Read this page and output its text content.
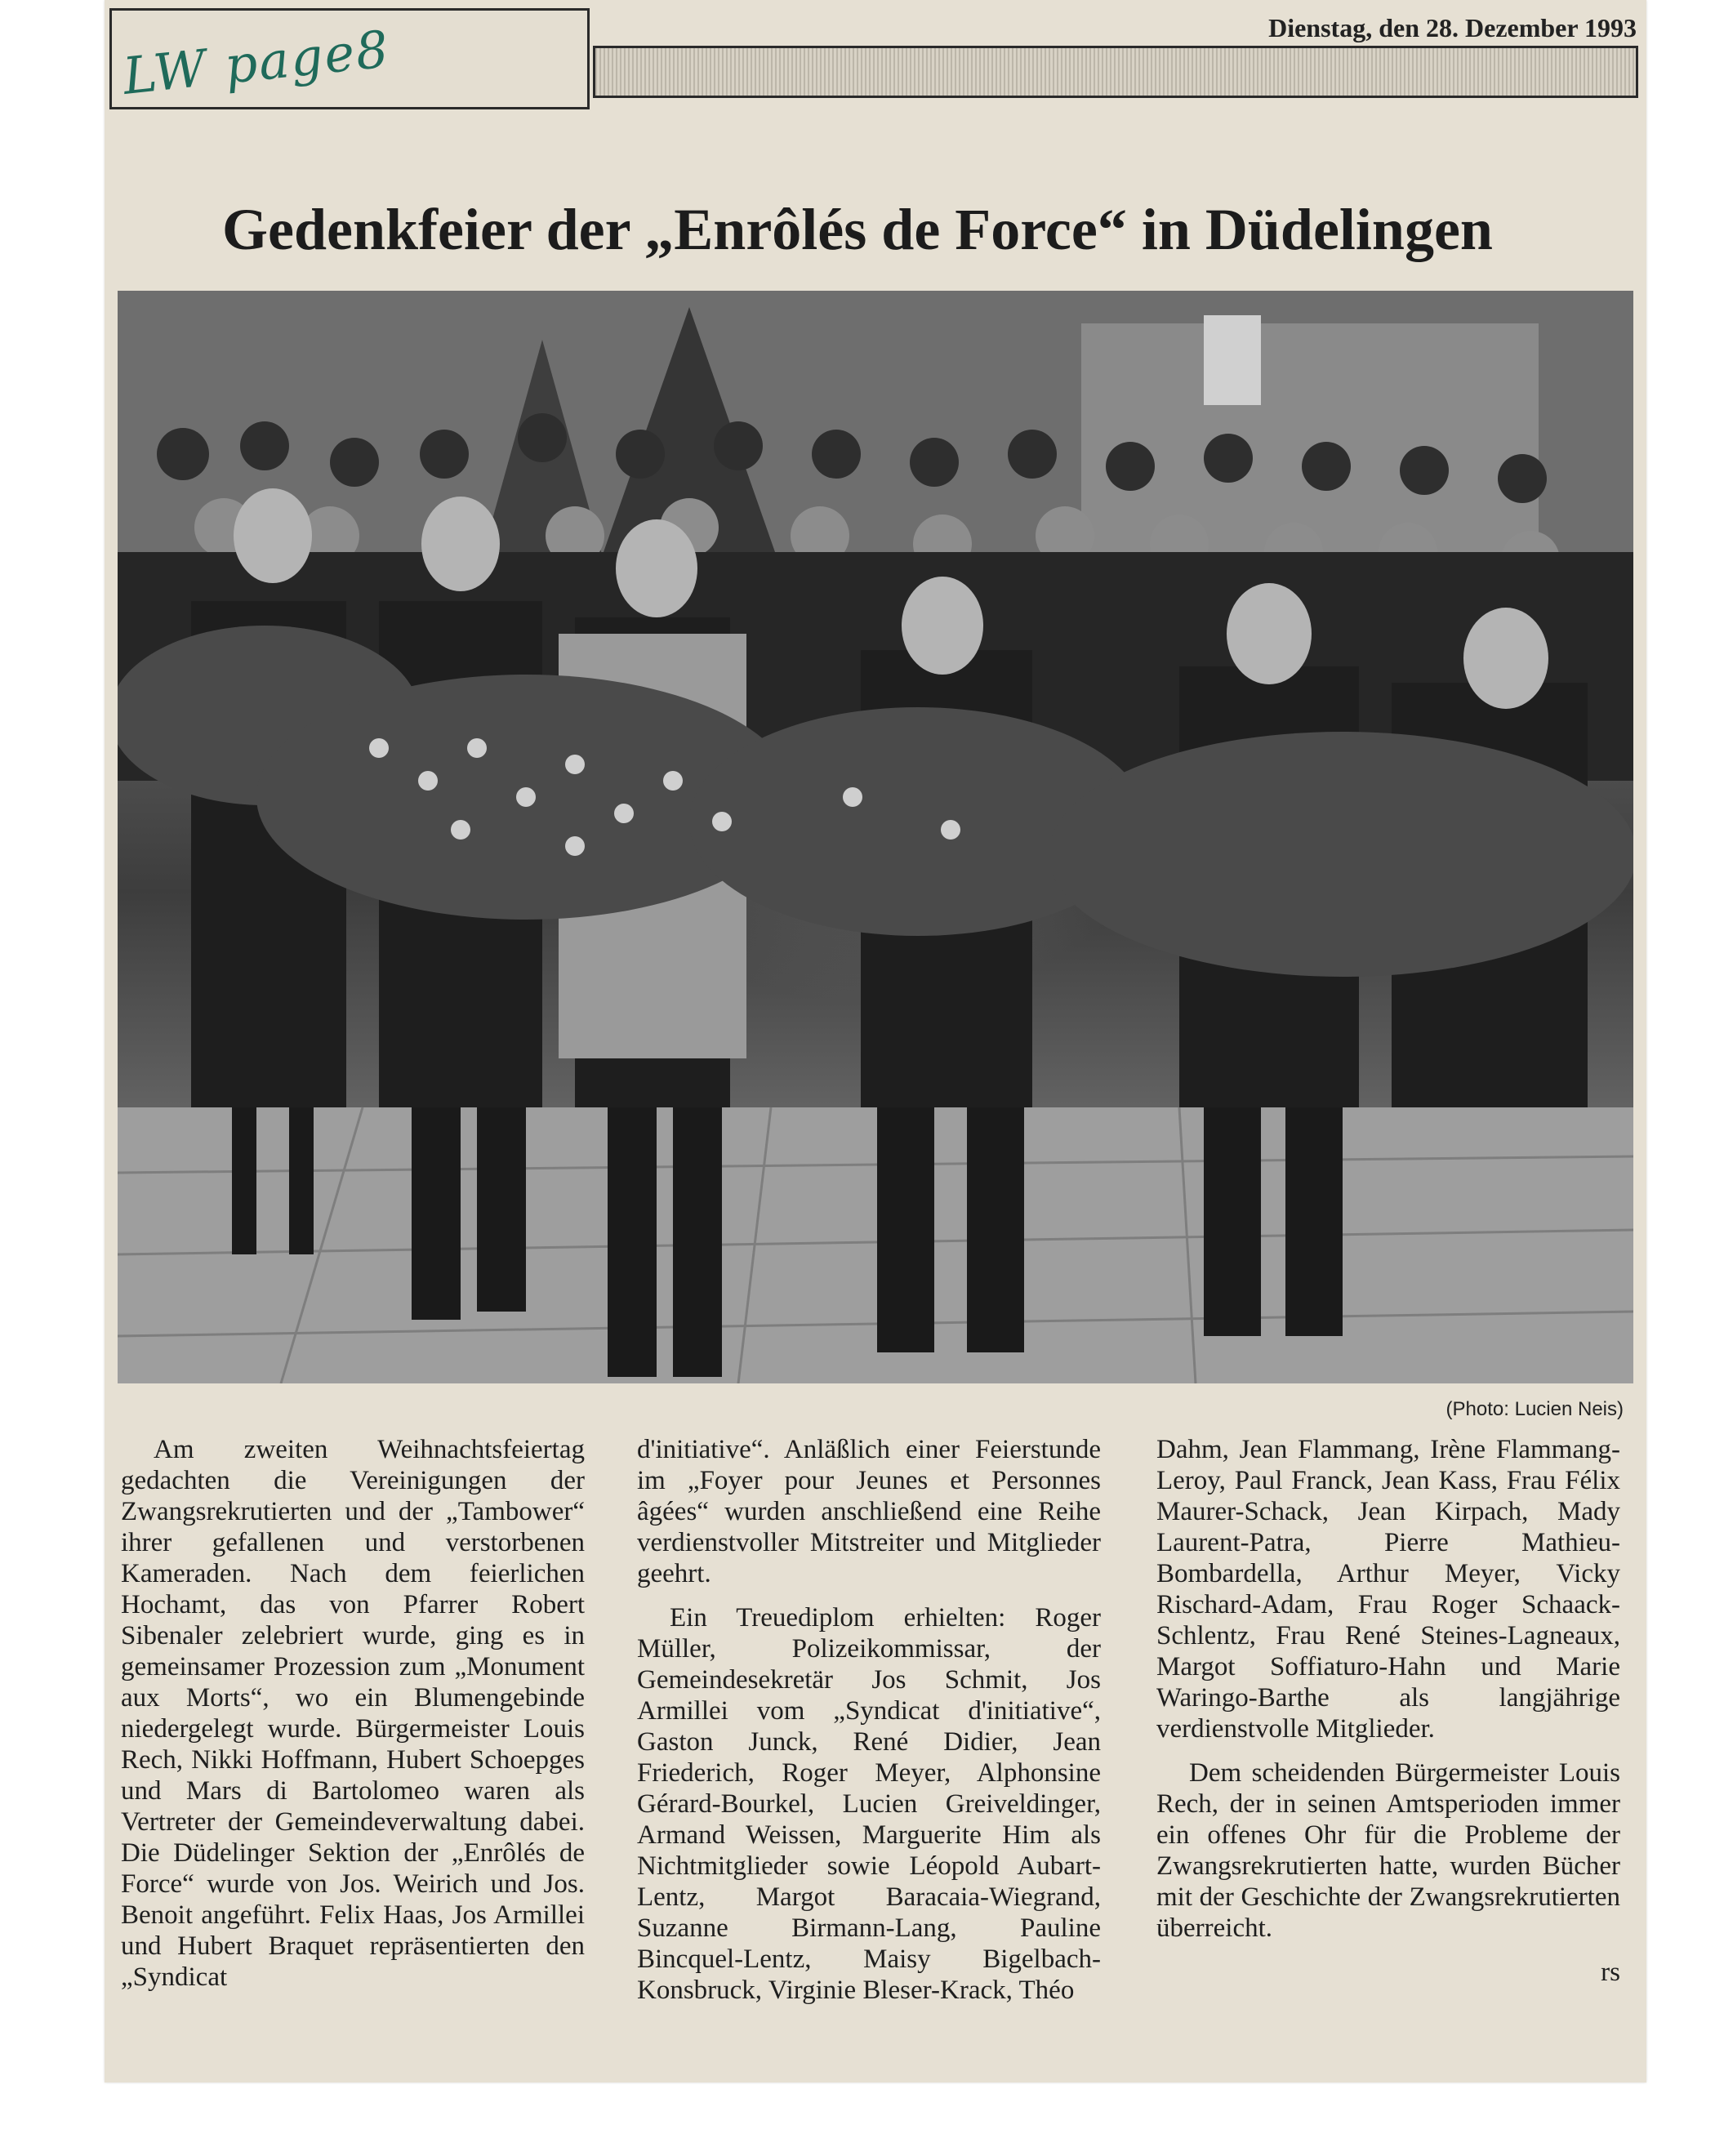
LW page8	Dienstag, den 28. Dezember 1993
Gedenkfeier der „Enrôlés de Force“ in Düdelingen
(Photo: Lucien Neis)

Am zweiten Weihnachtsfeiertag gedachten die Vereinigungen der Zwangsrekrutierten und der „Tambower“ ihrer gefallenen und verstorbenen Kameraden. Nach dem feierlichen Hochamt, das von Pfarrer Robert Sibenaler zelebriert wurde, ging es in gemeinsamer Prozession zum „Monument aux Morts“, wo ein Blumengebinde niedergelegt wurde. Bürgermeister Louis Rech, Nikki Hoffmann, Hubert Schoepges und Mars di Bartolomeo waren als Vertreter der Gemeindeverwaltung dabei. Die Düdelinger Sektion der „Enrôlés de Force“ wurde von Jos. Weirich und Jos. Benoit angeführt. Felix Haas, Jos Armillei und Hubert Braquet repräsentierten den „Syndicat

d'initiative“. Anläßlich einer Feierstunde im „Foyer pour Jeunes et Personnes âgées“ wurden anschließend eine Reihe verdienstvoller Mitstreiter und Mitglieder geehrt.

Ein Treuediplom erhielten: Roger Müller, Polizeikommissar, der Gemeindesekretär Jos Schmit, Jos Armillei vom „Syndicat d'initiative“, Gaston Junck, René Didier, Jean Friederich, Roger Meyer, Alphonsine Gérard-Bourkel, Lucien Greiveldinger, Armand Weissen, Marguerite Him als Nichtmitglieder sowie Léopold Aubart-Lentz, Margot Baracaia-Wiegrand, Suzanne Birmann-Lang, Pauline Bincquel-Lentz, Maisy Bigelbach-Konsbruck, Virginie Bleser-Krack, Théo

Dahm, Jean Flammang, Irène Flammang-Leroy, Paul Franck, Jean Kass, Frau Félix Maurer-Schack, Jean Kirpach, Mady Laurent-Patra, Pierre Mathieu-Bombardella, Arthur Meyer, Vicky Rischard-Adam, Frau Roger Schaack-Schlentz, Frau René Steines-Lagneaux, Margot Soffiaturo-Hahn und Marie Waringo-Barthe als langjährige verdienstvolle Mitglieder.

Dem scheidenden Bürgermeister Louis Rech, der in seinen Amtsperioden immer ein offenes Ohr für die Probleme der Zwangsrekrutierten hatte, wurden Bücher mit der Geschichte der Zwangsrekrutierten überreicht.

rs
